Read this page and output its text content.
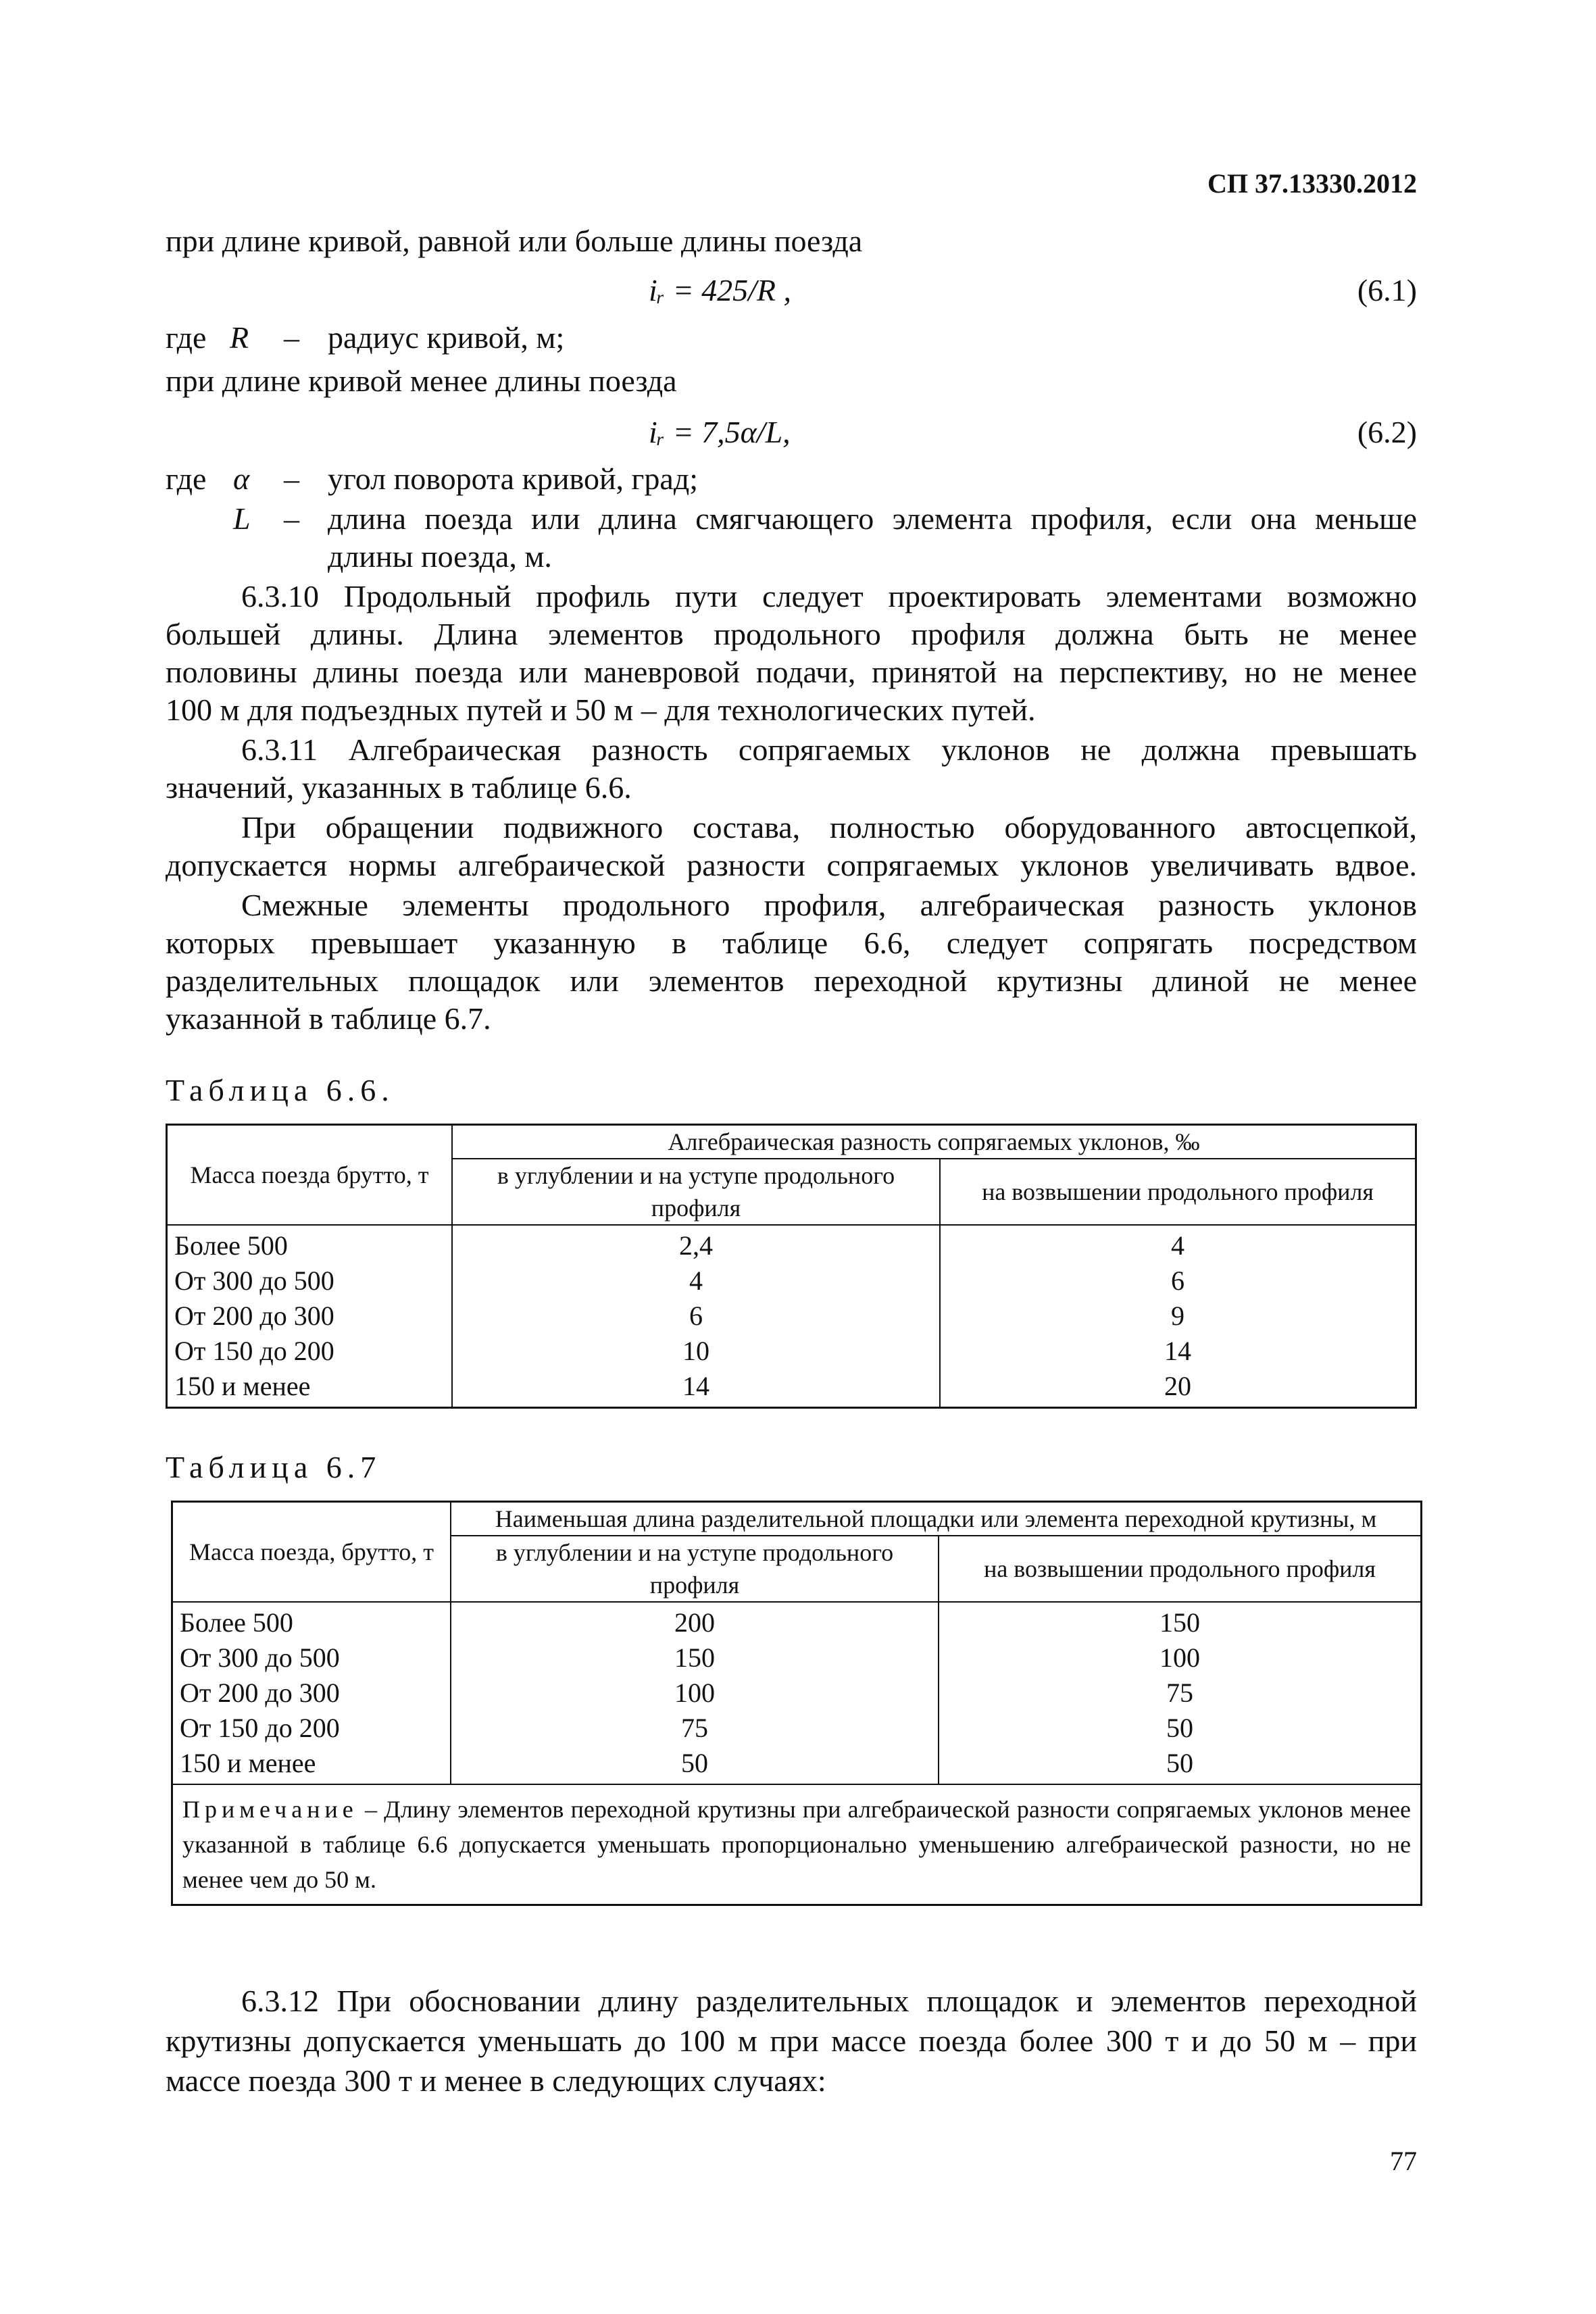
СП 37.13330.2012
при длине кривой, равной или больше длины поезда
iᵣ = 425/R ,	(6.1)
где R – радиус кривой, м;
при длине кривой менее длины поезда
iᵣ = 7,5α/L,	(6.2)
где α – угол поворота кривой, град;
L – длина поезда или длина смягчающего элемента профиля, если она меньше
длины поезда, м.
6.3.10 Продольный профиль пути следует проектировать элементами возможно
большей длины. Длина элементов продольного профиля должна быть не менее
половины длины поезда или маневровой подачи, принятой на перспективу, но не менее
100 м для подъездных путей и 50 м – для технологических путей.
6.3.11 Алгебраическая разность сопрягаемых уклонов не должна превышать
значений, указанных в таблице 6.6.
При обращении подвижного состава, полностью оборудованного автосцепкой,
допускается нормы алгебраической разности сопрягаемых уклонов увеличивать вдвое.
Смежные элементы продольного профиля, алгебраическая разность уклонов
которых превышает указанную в таблице 6.6, следует сопрягать посредством
разделительных площадок или элементов переходной крутизны длиной не менее
указанной в таблице 6.7.
Таблица 6.6.
Масса поезда брутто, т	Алгебраическая разность сопрягаемых уклонов, ‰	
	в углублении и на уступе продольного профиля	на возвышении продольного профиля
Более 500	2,4	4
От 300 до 500	4	6
От 200 до 300	6	9
От 150 до 200	10	14
150 и менее	14	20
Таблица 6.7
Масса поезда, брутто, т	Наименьшая длина разделительной площадки или элемента переходной крутизны, м	
	в углублении и на уступе продольного профиля	на возвышении продольного профиля
Более 500	200	150
От 300 до 500	150	100
От 200 до 300	100	75
От 150 до 200	75	50
150 и менее	50	50
Примечание – Длину элементов переходной крутизны при алгебраической разности сопрягаемых уклонов менее указанной в таблице 6.6 допускается уменьшать пропорционально уменьшению алгебраической разности, но не менее чем до 50 м.		
6.3.12 При обосновании длину разделительных площадок и элементов переходной
крутизны допускается уменьшать до 100 м при массе поезда более 300 т и до 50 м – при
массе поезда 300 т и менее в следующих случаях:
77
